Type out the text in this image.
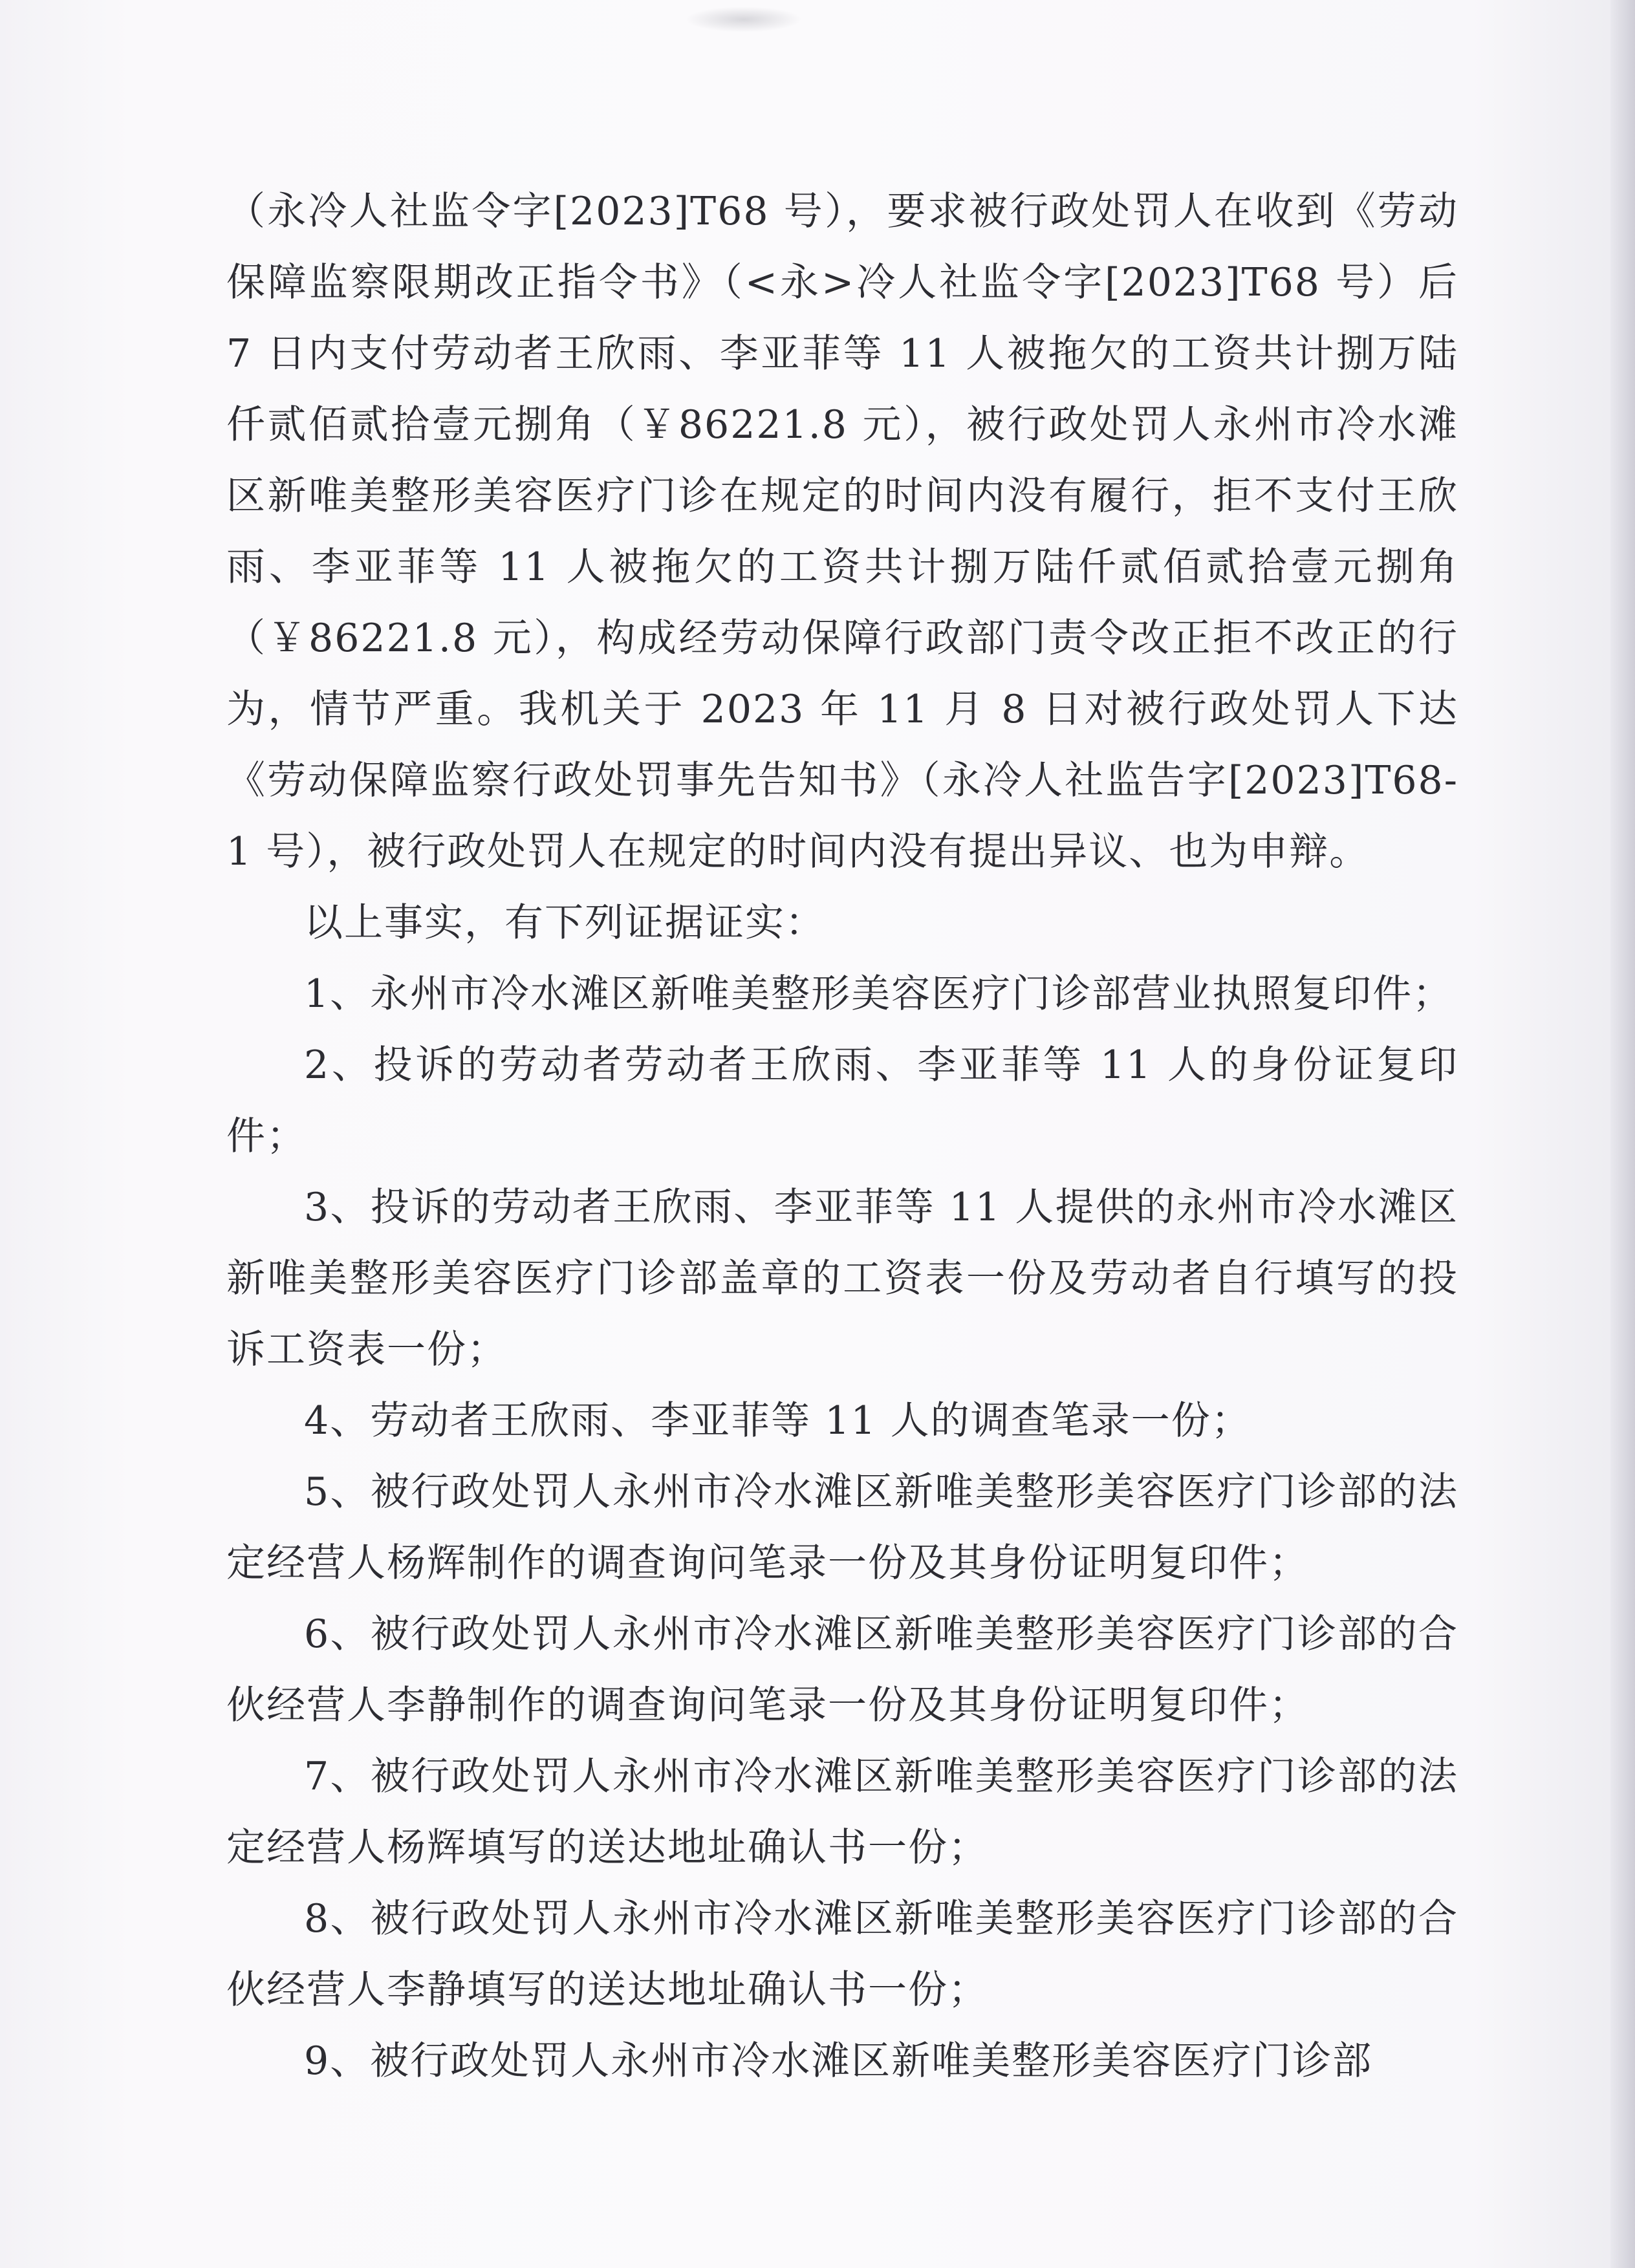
（永冷人社监令字[2023]T68 号），要求被行政处罚人在收到《劳动保障监察限期改正指令书》（<永>冷人社监令字[2023]T68 号）后 7 日内支付劳动者王欣雨、李亚菲等 11 人被拖欠的工资共计捌万陆仟贰佰贰拾壹元捌角（￥86221.8 元），被行政处罚人永州市冷水滩区新唯美整形美容医疗门诊在规定的时间内没有履行，拒不支付王欣雨、李亚菲等 11 人被拖欠的工资共计捌万陆仟贰佰贰拾壹元捌角（￥86221.8 元），构成经劳动保障行政部门责令改正拒不改正的行为，情节严重。我机关于 2023 年 11 月 8 日对被行政处罚人下达《劳动保障监察行政处罚事先告知书》（永冷人社监告字[2023]T68-1 号），被行政处罚人在规定的时间内没有提出异议、也为申辩。

以上事实，有下列证据证实：

1、永州市冷水滩区新唯美整形美容医疗门诊部营业执照复印件；

2、投诉的劳动者劳动者王欣雨、李亚菲等 11 人的身份证复印件；

3、投诉的劳动者王欣雨、李亚菲等 11 人提供的永州市冷水滩区新唯美整形美容医疗门诊部盖章的工资表一份及劳动者自行填写的投诉工资表一份；

4、劳动者王欣雨、李亚菲等 11 人的调查笔录一份；

5、被行政处罚人永州市冷水滩区新唯美整形美容医疗门诊部的法定经营人杨辉制作的调查询问笔录一份及其身份证明复印件；

6、被行政处罚人永州市冷水滩区新唯美整形美容医疗门诊部的合伙经营人李静制作的调查询问笔录一份及其身份证明复印件；

7、被行政处罚人永州市冷水滩区新唯美整形美容医疗门诊部的法定经营人杨辉填写的送达地址确认书一份；

8、被行政处罚人永州市冷水滩区新唯美整形美容医疗门诊部的合伙经营人李静填写的送达地址确认书一份；

9、被行政处罚人永州市冷水滩区新唯美整形美容医疗门诊部
